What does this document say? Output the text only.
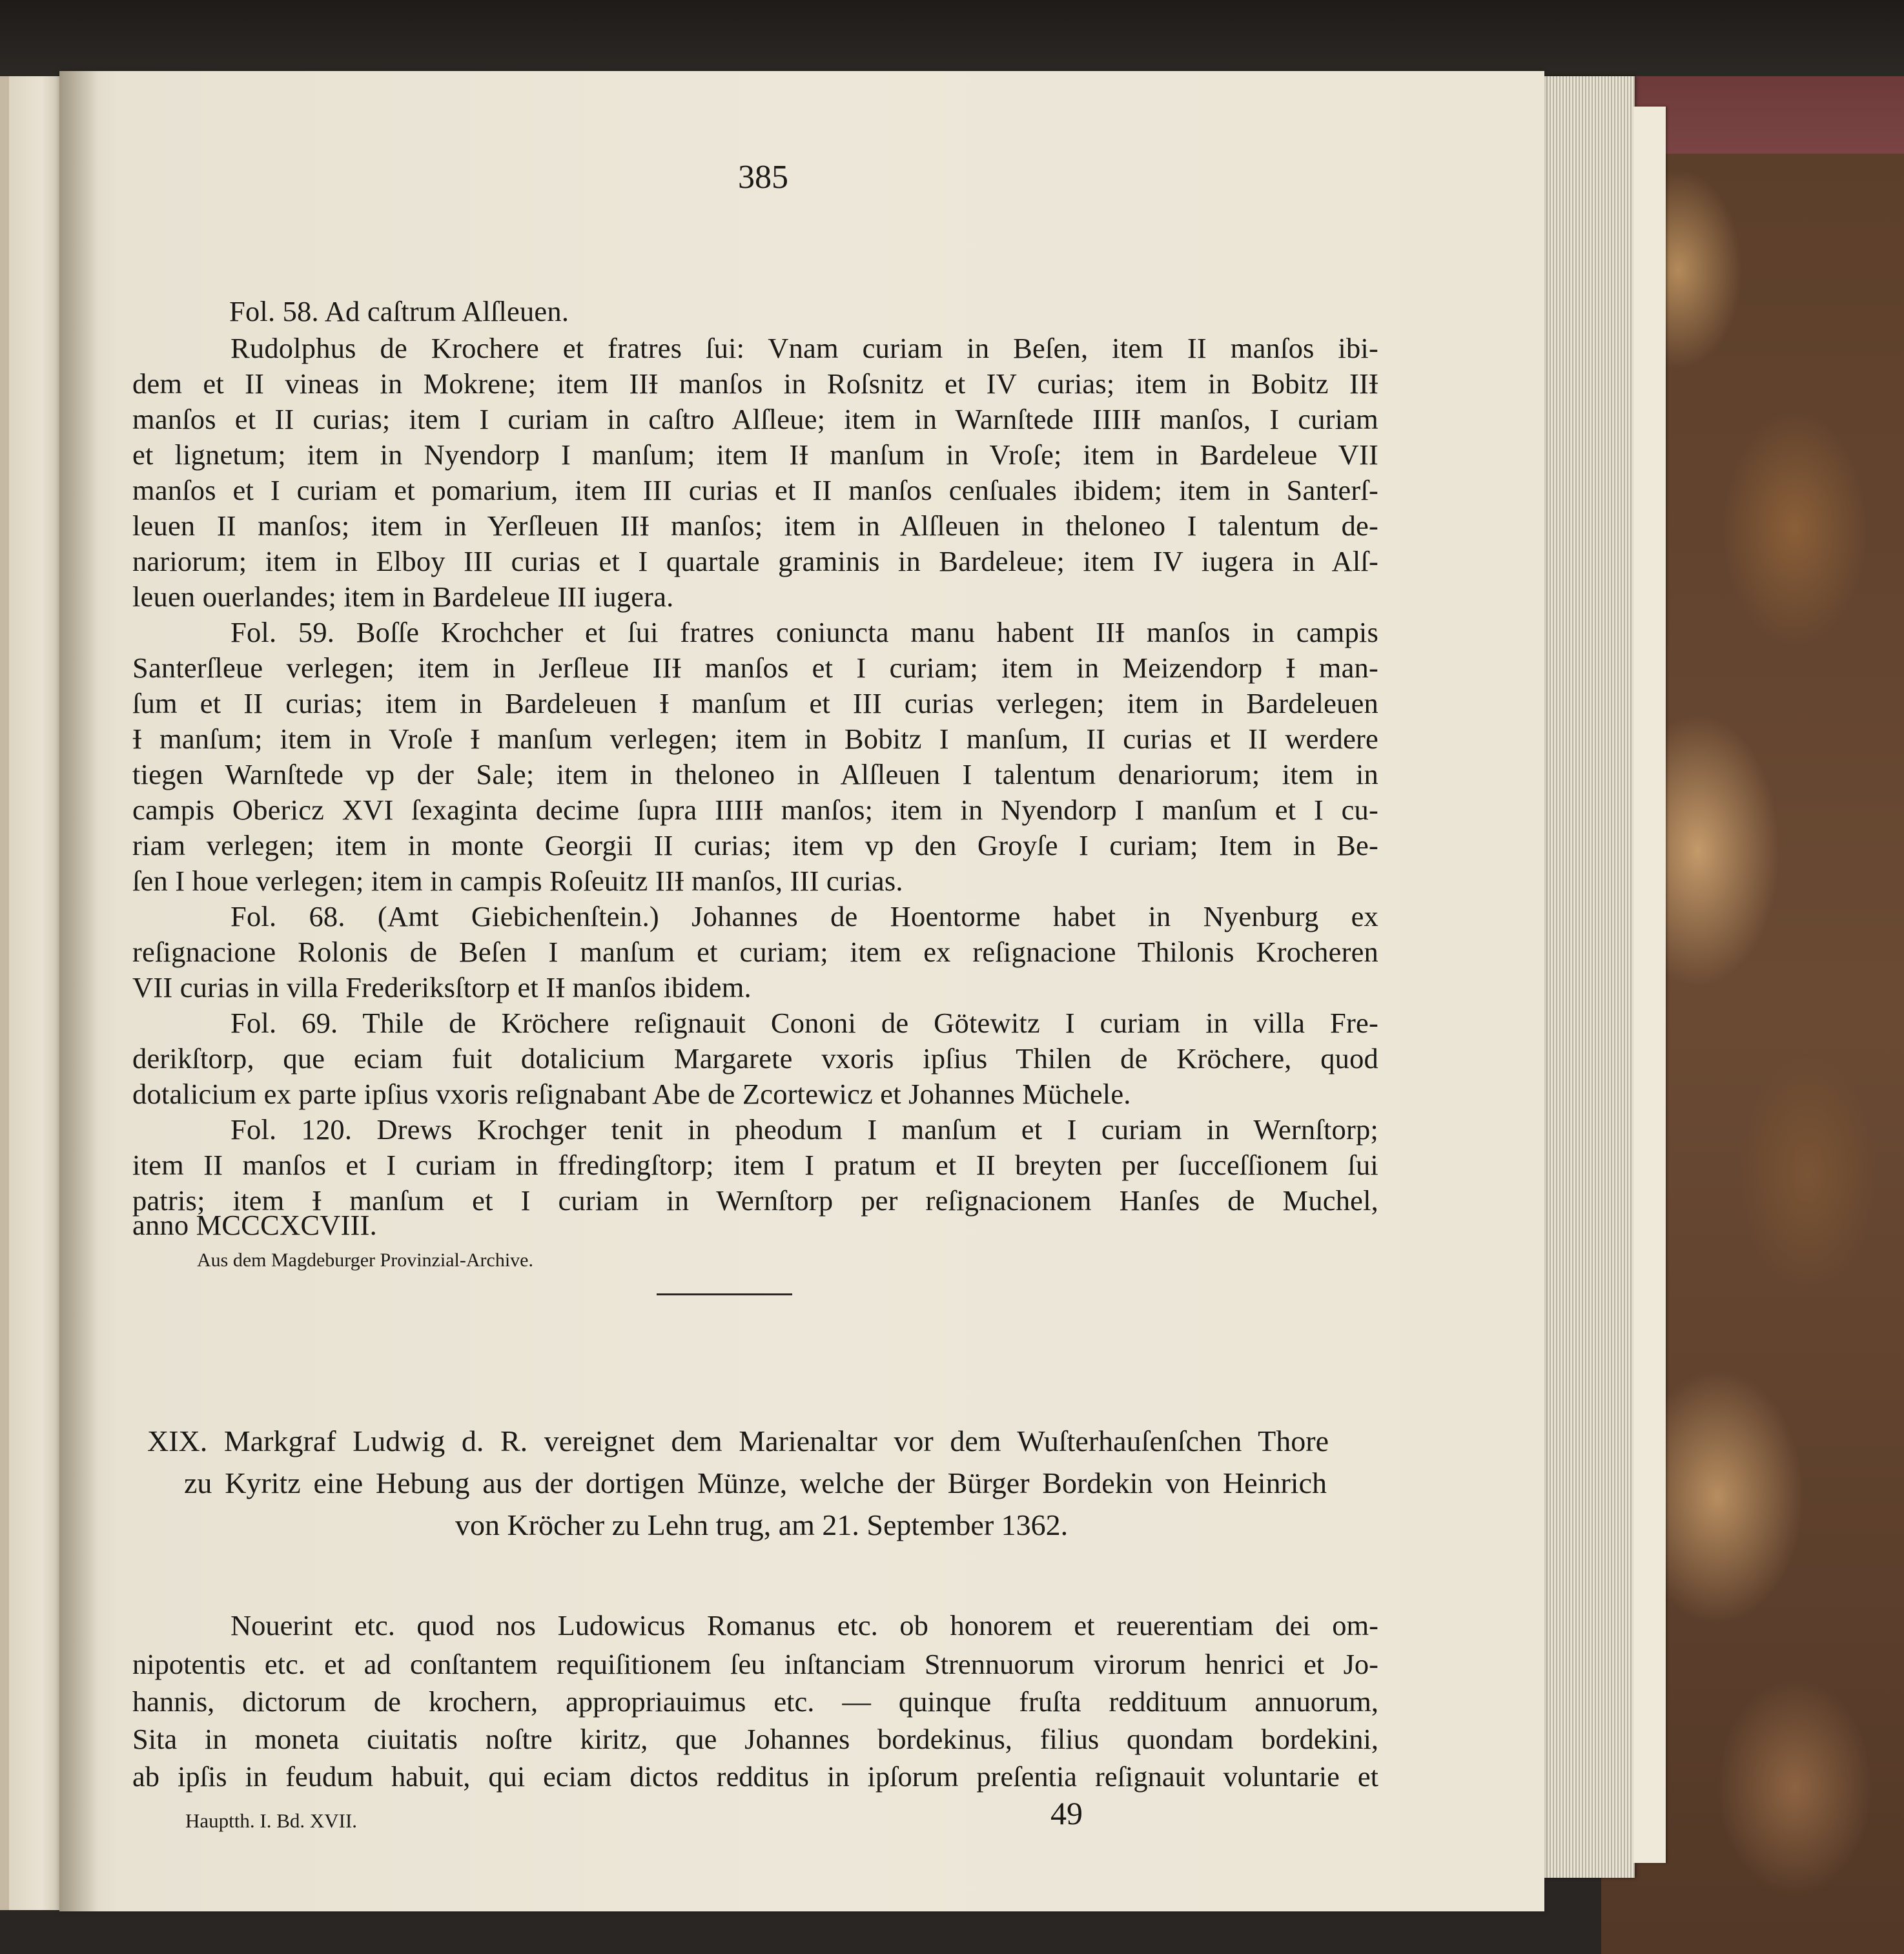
385
Fol. 58. Ad caſtrum Alſleuen.
Rudolphus de Krochere et fratres ſui: Vnam curiam in Beſen, item II manſos ibi-
dem et II vineas in Mokrene; item IIƗ manſos in Roſsnitz et IV curias; item in Bobitz IIƗ
manſos et II curias; item I curiam in caſtro Alſleue; item in Warnſtede IIIIƗ manſos, I curiam
et lignetum; item in Nyendorp I manſum; item IƗ manſum in Vroſe; item in Bardeleue VII
manſos et I curiam et pomarium, item III curias et II manſos cenſuales ibidem; item in Santerſ-
leuen II manſos; item in Yerſleuen IIƗ manſos; item in Alſleuen in theloneo I talentum de-
nariorum; item in Elboy III curias et I quartale graminis in Bardeleue; item IV iugera in Alſ-
leuen ouerlandes; item in Bardeleue III iugera.
Fol. 59. Boſſe Krochcher et ſui fratres coniuncta manu habent IIƗ manſos in campis
Santerſleue verlegen; item in Jerſleue IIƗ manſos et I curiam; item in Meizendorp Ɨ man-
ſum et II curias; item in Bardeleuen Ɨ manſum et III curias verlegen; item in Bardeleuen
Ɨ manſum; item in Vroſe Ɨ manſum verlegen; item in Bobitz I manſum, II curias et II werdere
tiegen Warnſtede vp der Sale; item in theloneo in Alſleuen I talentum denariorum; item in
campis Obericz XVI ſexaginta decime ſupra IIIIƗ manſos; item in Nyendorp I manſum et I cu-
riam verlegen; item in monte Georgii II curias; item vp den Groyſe I curiam; Item in Be-
ſen I houe verlegen; item in campis Roſeuitz IIƗ manſos, III curias.
Fol. 68. (Amt Giebichenſtein.) Johannes de Hoentorme habet in Nyenburg ex
reſignacione Rolonis de Beſen I manſum et curiam; item ex reſignacione Thilonis Krocheren
VII curias in villa Frederiksſtorp et IƗ manſos ibidem.
Fol. 69. Thile de Kröchere reſignauit Cononi de Götewitz I curiam in villa Fre-
derikſtorp, que eciam fuit dotalicium Margarete vxoris ipſius Thilen de Kröchere, quod
dotalicium ex parte ipſius vxoris reſignabant Abe de Zcortewicz et Johannes Müchele.
Fol. 120. Drews Krochger tenit in pheodum I manſum et I curiam in Wernſtorp;
item II manſos et I curiam in ffredingſtorp; item I pratum et II breyten per ſucceſſionem ſui
patris; item Ɨ manſum et I curiam in Wernſtorp per reſignacionem Hanſes de Muchel,
anno MCCCXCVIII.
Aus dem Magdeburger Provinzial-Archive.
XIX. Markgraf Ludwig d. R. vereignet dem Marienaltar vor dem Wuſterhauſenſchen Thore
zu Kyritz eine Hebung aus der dortigen Münze, welche der Bürger Bordekin von Heinrich
von Kröcher zu Lehn trug, am 21. September 1362.
Nouerint etc. quod nos Ludowicus Romanus etc. ob honorem et reuerentiam dei om-
nipotentis etc. et ad conſtantem requiſitionem ſeu inſtanciam Strennuorum virorum henrici et Jo-
hannis, dictorum de krochern, appropriauimus etc. — quinque fruſta reddituum annuorum,
Sita in moneta ciuitatis noſtre kiritz, que Johannes bordekinus, filius quondam bordekini,
ab ipſis in feudum habuit, qui eciam dictos redditus in ipſorum preſentia reſignauit voluntarie et
Hauptth. I. Bd. XVII.	49
